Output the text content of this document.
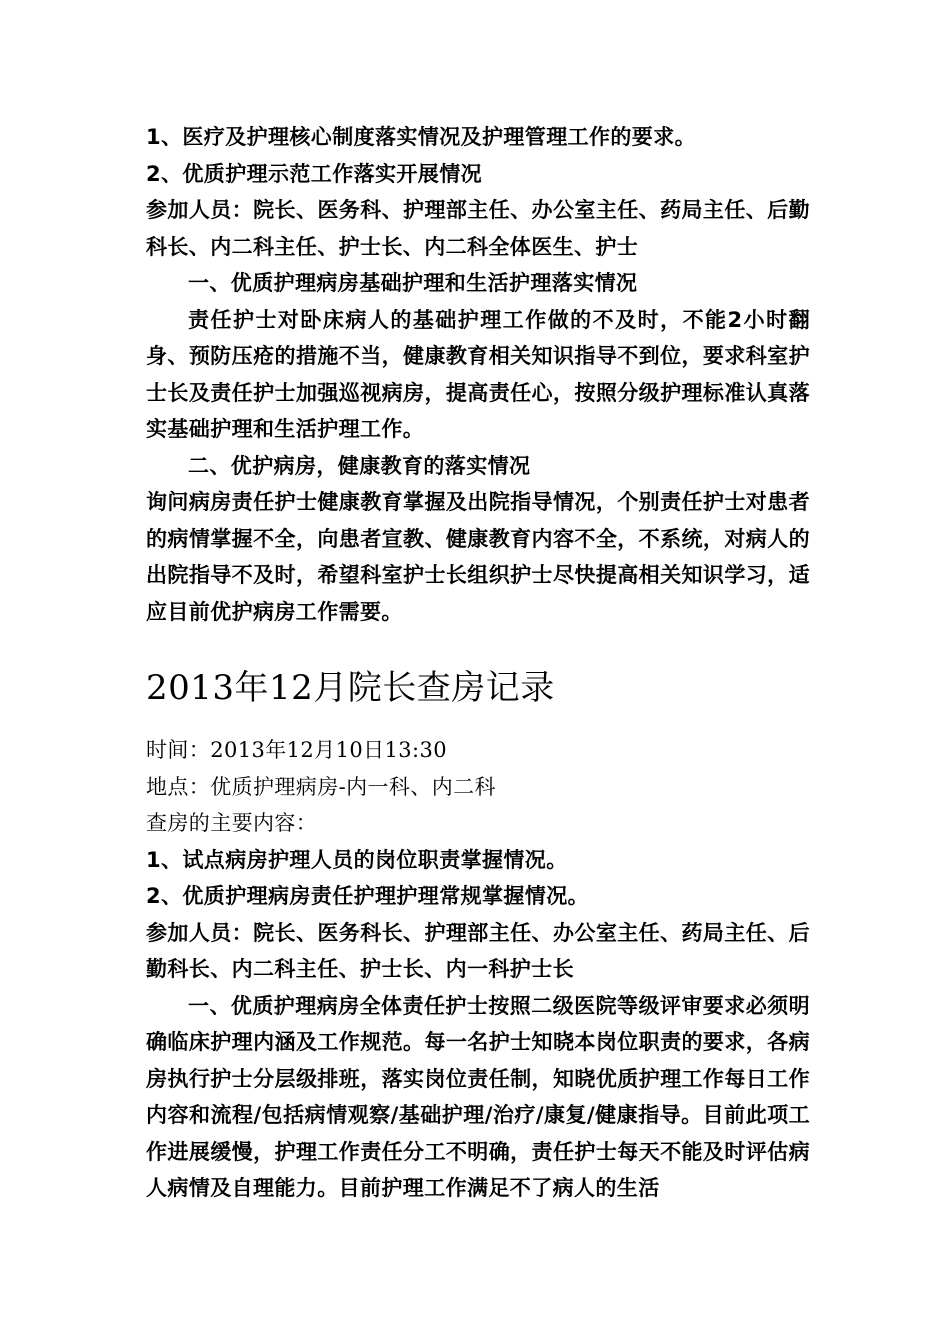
1、医疗及护理核心制度落实情况及护理管理工作的要求。

2、优质护理示范工作落实开展情况

参加人员：院长、医务科、护理部主任、办公室主任、药局主任、后勤科长、内二科主任、护士长、内二科全体医生、护士

一、优质护理病房基础护理和生活护理落实情况

责任护士对卧床病人的基础护理工作做的不及时，不能2小时翻身、预防压疮的措施不当，健康教育相关知识指导不到位，要求科室护士长及责任护士加强巡视病房，提高责任心，按照分级护理标准认真落实基础护理和生活护理工作。

二、优护病房，健康教育的落实情况

询问病房责任护士健康教育掌握及出院指导情况，个别责任护士对患者的病情掌握不全，向患者宣教、健康教育内容不全，不系统，对病人的出院指导不及时，希望科室护士长组织护士尽快提高相关知识学习，适应目前优护病房工作需要。

2013年12月院长查房记录

时间：2013年12月10日13:30

地点：优质护理病房-内一科、内二科

查房的主要内容：

1、试点病房护理人员的岗位职责掌握情况。

2、优质护理病房责任护理护理常规掌握情况。

参加人员：院长、医务科长、护理部主任、办公室主任、药局主任、后勤科长、内二科主任、护士长、内一科护士长

一、优质护理病房全体责任护士按照二级医院等级评审要求必须明确临床护理内涵及工作规范。每一名护士知晓本岗位职责的要求，各病房执行护士分层级排班，落实岗位责任制，知晓优质护理工作每日工作内容和流程/包括病情观察/基础护理/治疗/康复/健康指导。目前此项工作进展缓慢，护理工作责任分工不明确，责任护士每天不能及时评估病人病情及自理能力。目前护理工作满足不了病人的生活
